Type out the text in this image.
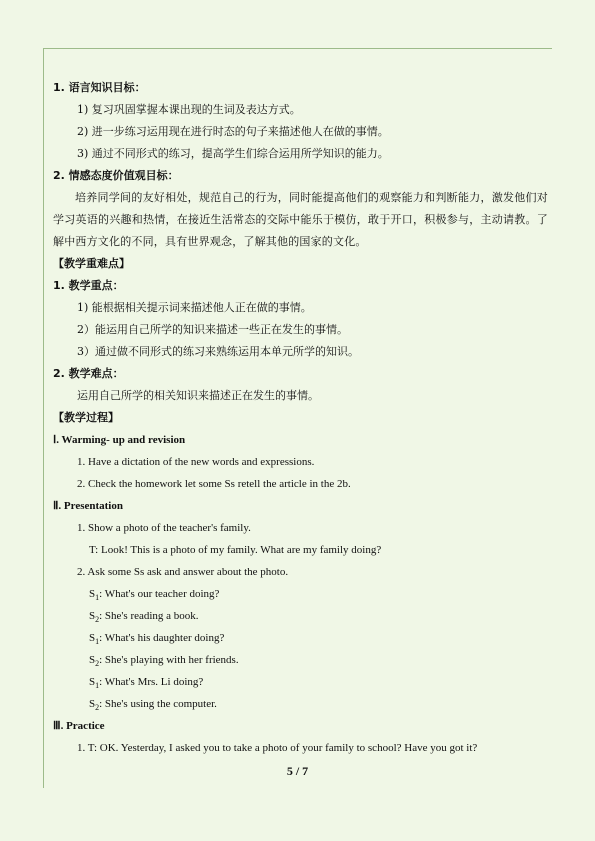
1. 语言知识目标：
1) 复习巩固掌握本课出现的生词及表达方式。
2) 进一步练习运用现在进行时态的句子来描述他人在做的事情。
3) 通过不同形式的练习，提高学生们综合运用所学知识的能力。
2. 情感态度价值观目标：
培养同学间的友好相处，规范自己的行为，同时能提高他们的观察能力和判断能力，激发他们对学习英语的兴趣和热情，在接近生活常态的交际中能乐于模仿，敢于开口，积极参与，主动请教。了解中西方文化的不同，具有世界观念，了解其他的国家的文化。
【教学重难点】
1. 教学重点：
1) 能根据相关提示词来描述他人正在做的事情。
2）能运用自己所学的知识来描述一些正在发生的事情。
3）通过做不同形式的练习来熟练运用本单元所学的知识。
2. 教学难点：
运用自己所学的相关知识来描述正在发生的事情。
【教学过程】
Ⅰ. Warming- up and revision
1. Have a dictation of the new words and expressions.
2. Check the homework let some Ss retell the article in the 2b.
Ⅱ. Presentation
1. Show a photo of the teacher's family.
T: Look! This is a photo of my family. What are my family doing?
2. Ask some Ss ask and answer about the photo.
$S_1$: What's our teacher doing?
$S_2$: She's reading a book.
$S_1$: What's his daughter doing?
$S_2$: She's playing with her friends.
$S_1$: What's Mrs. Li doing?
$S_2$: She's using the computer.
Ⅲ. Practice
1. T: OK. Yesterday, I asked you to take a photo of your family to school? Have you got it?
5 / 7
